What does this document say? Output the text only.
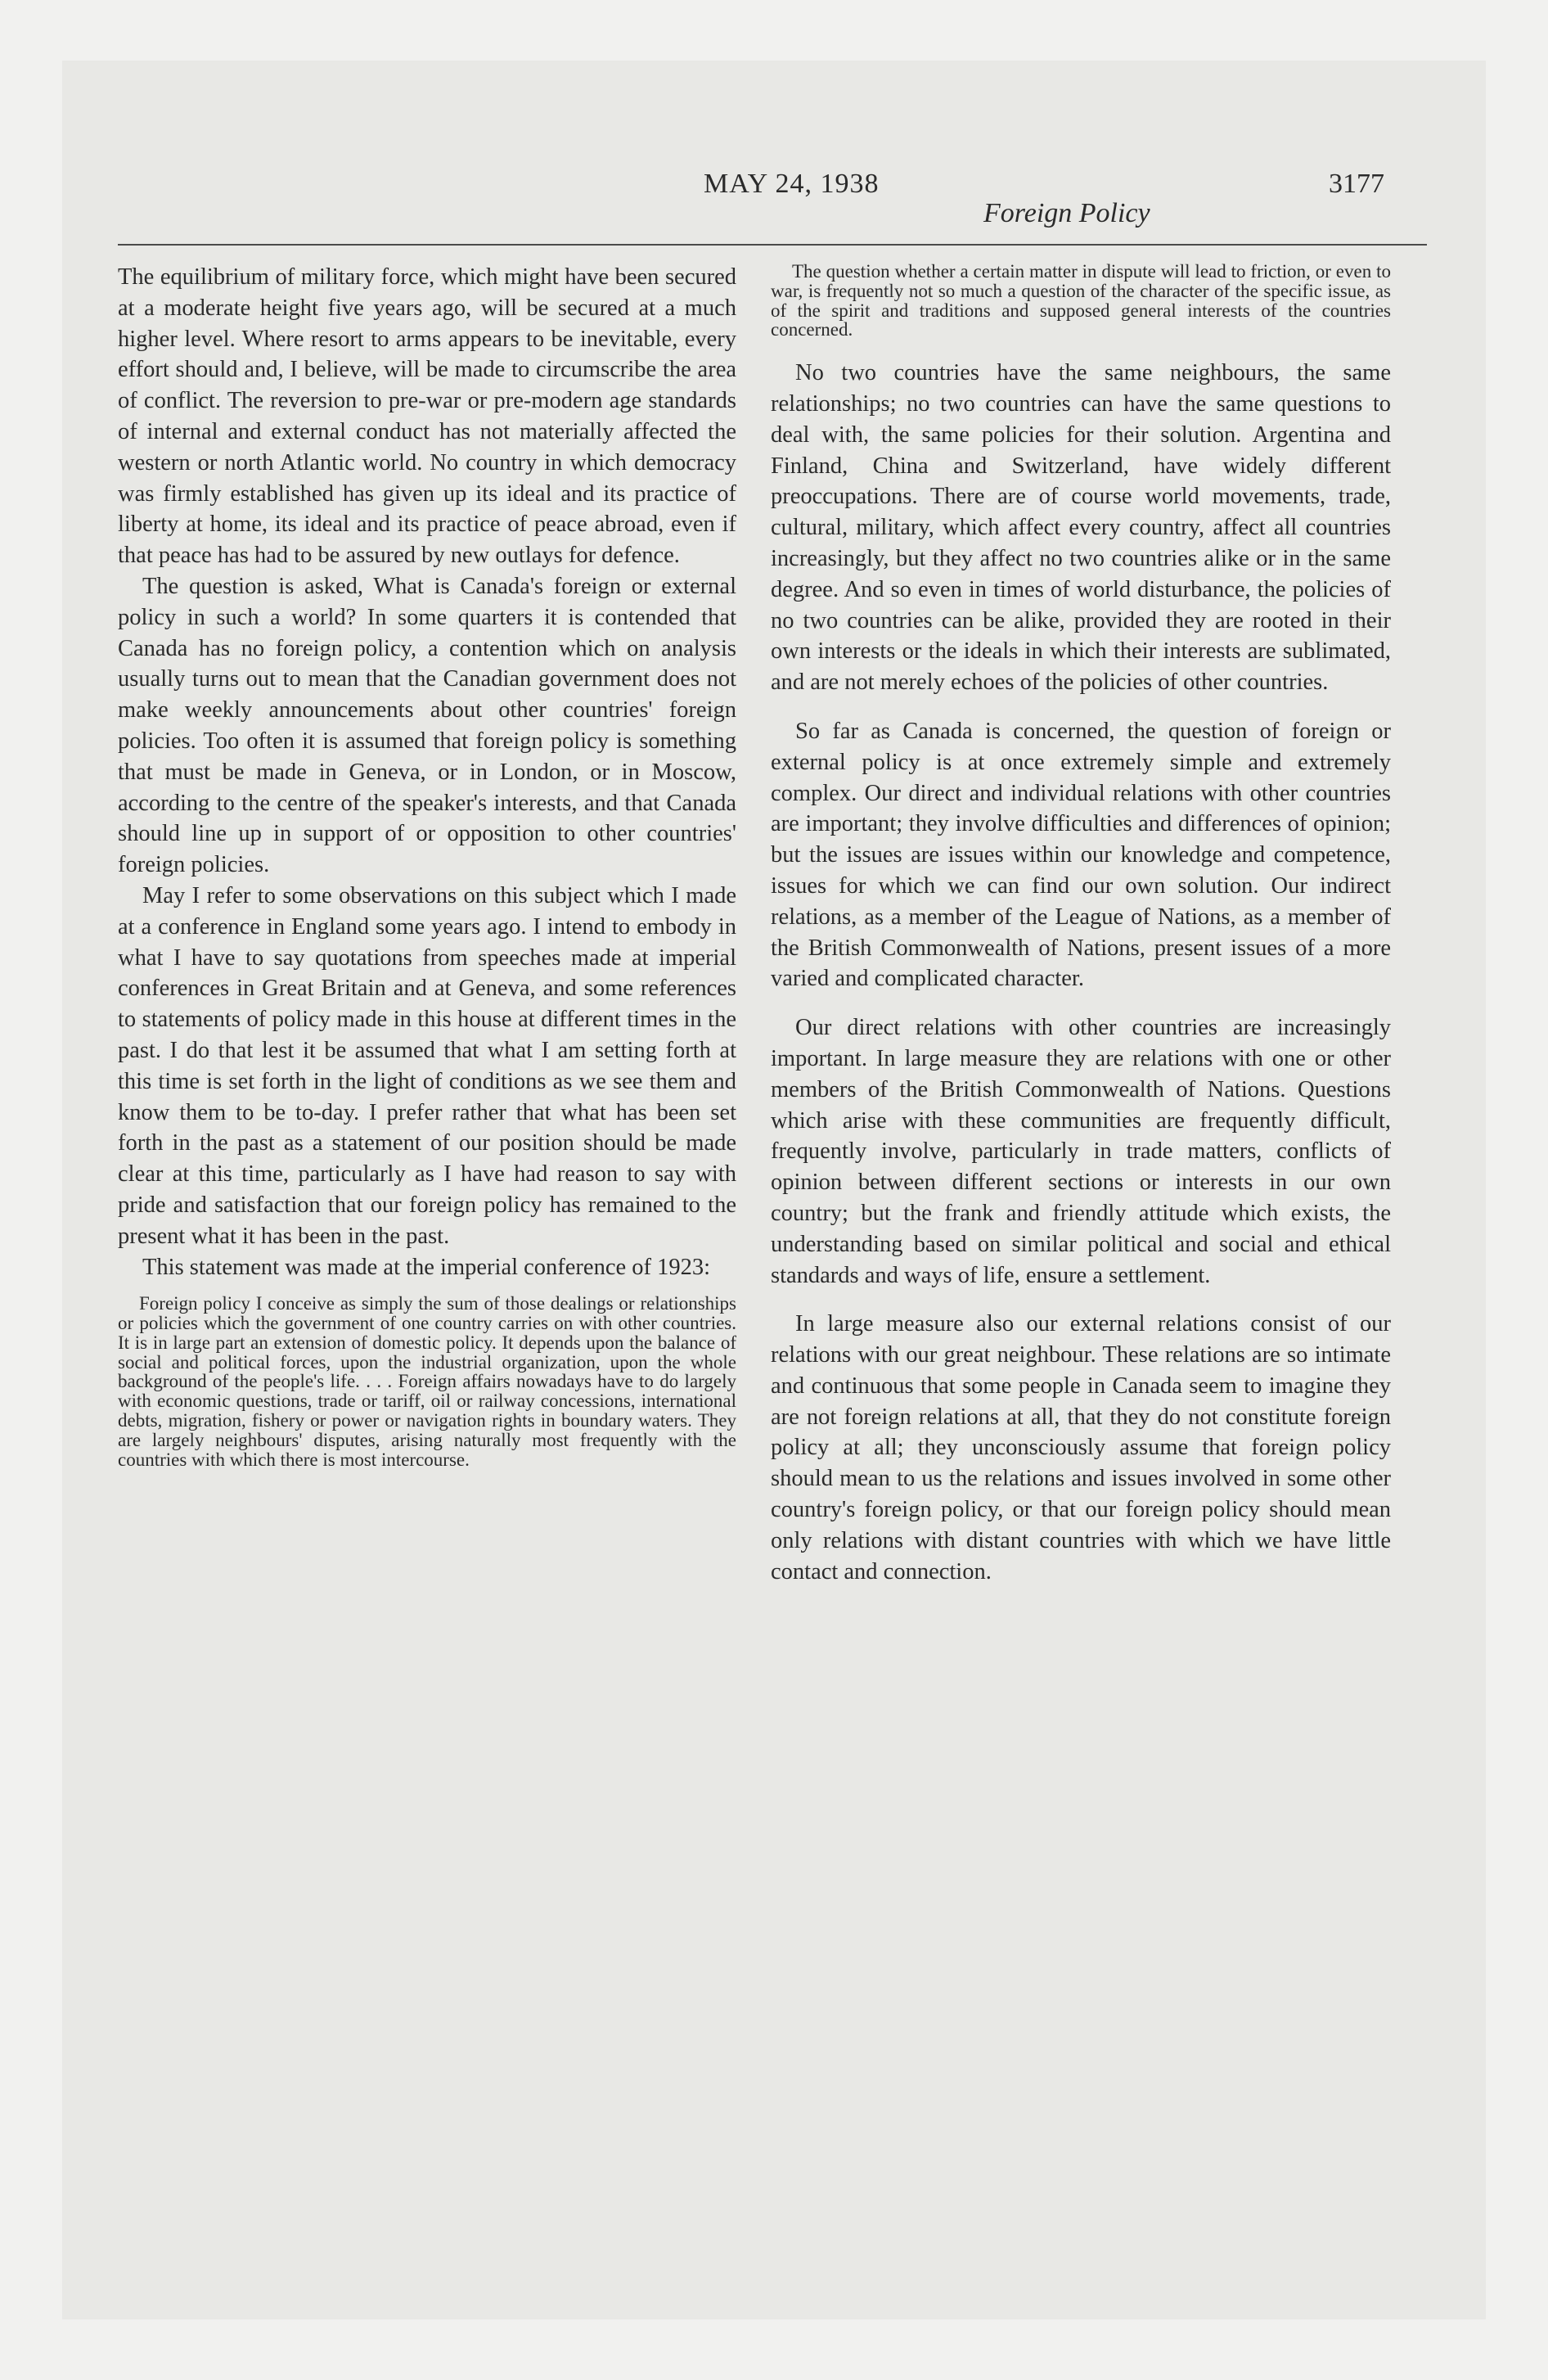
MAY 24, 1938
Foreign Policy
3177

The equilibrium of military force, which might have been secured at a moderate height five years ago, will be secured at a much higher level. Where resort to arms appears to be inevitable, every effort should and, I believe, will be made to circumscribe the area of conflict. The reversion to pre-war or pre-modern age standards of internal and external conduct has not materially affected the western or north Atlantic world. No country in which democracy was firmly established has given up its ideal and its practice of liberty at home, its ideal and its practice of peace abroad, even if that peace has had to be assured by new outlays for defence.

The question is asked, What is Canada's foreign or external policy in such a world? In some quarters it is contended that Canada has no foreign policy, a contention which on analysis usually turns out to mean that the Canadian government does not make weekly announcements about other countries' foreign policies. Too often it is assumed that foreign policy is something that must be made in Geneva, or in London, or in Moscow, according to the centre of the speaker's interests, and that Canada should line up in support of or opposition to other countries' foreign policies.

May I refer to some observations on this subject which I made at a conference in England some years ago. I intend to embody in what I have to say quotations from speeches made at imperial conferences in Great Britain and at Geneva, and some references to statements of policy made in this house at different times in the past. I do that lest it be assumed that what I am setting forth at this time is set forth in the light of conditions as we see them and know them to be to-day. I prefer rather that what has been set forth in the past as a statement of our position should be made clear at this time, particularly as I have had reason to say with pride and satisfaction that our foreign policy has remained to the present what it has been in the past.

This statement was made at the imperial conference of 1923:

Foreign policy I conceive as simply the sum of those dealings or relationships or policies which the government of one country carries on with other countries. It is in large part an extension of domestic policy. It depends upon the balance of social and political forces, upon the industrial organization, upon the whole background of the people's life. . . . Foreign affairs nowadays have to do largely with economic questions, trade or tariff, oil or railway concessions, international debts, migration, fishery or power or navigation rights in boundary waters. They are largely neighbours' disputes, arising naturally most frequently with the countries with which there is most intercourse.

The question whether a certain matter in dispute will lead to friction, or even to war, is frequently not so much a question of the character of the specific issue, as of the spirit and traditions and supposed general interests of the countries concerned.

No two countries have the same neighbours, the same relationships; no two countries can have the same questions to deal with, the same policies for their solution. Argentina and Finland, China and Switzerland, have widely different preoccupations. There are of course world movements, trade, cultural, military, which affect every country, affect all countries increasingly, but they affect no two countries alike or in the same degree. And so even in times of world disturbance, the policies of no two countries can be alike, provided they are rooted in their own interests or the ideals in which their interests are sublimated, and are not merely echoes of the policies of other countries.

So far as Canada is concerned, the question of foreign or external policy is at once extremely simple and extremely complex. Our direct and individual relations with other countries are important; they involve difficulties and differences of opinion; but the issues are issues within our knowledge and competence, issues for which we can find our own solution. Our indirect relations, as a member of the League of Nations, as a member of the British Commonwealth of Nations, present issues of a more varied and complicated character.

Our direct relations with other countries are increasingly important. In large measure they are relations with one or other members of the British Commonwealth of Nations. Questions which arise with these communities are frequently difficult, frequently involve, particularly in trade matters, conflicts of opinion between different sections or interests in our own country; but the frank and friendly attitude which exists, the understanding based on similar political and social and ethical standards and ways of life, ensure a settlement.

In large measure also our external relations consist of our relations with our great neighbour. These relations are so intimate and continuous that some people in Canada seem to imagine they are not foreign relations at all, that they do not constitute foreign policy at all; they unconsciously assume that foreign policy should mean to us the relations and issues involved in some other country's foreign policy, or that our foreign policy should mean only relations with distant countries with which we have little contact and connection.
